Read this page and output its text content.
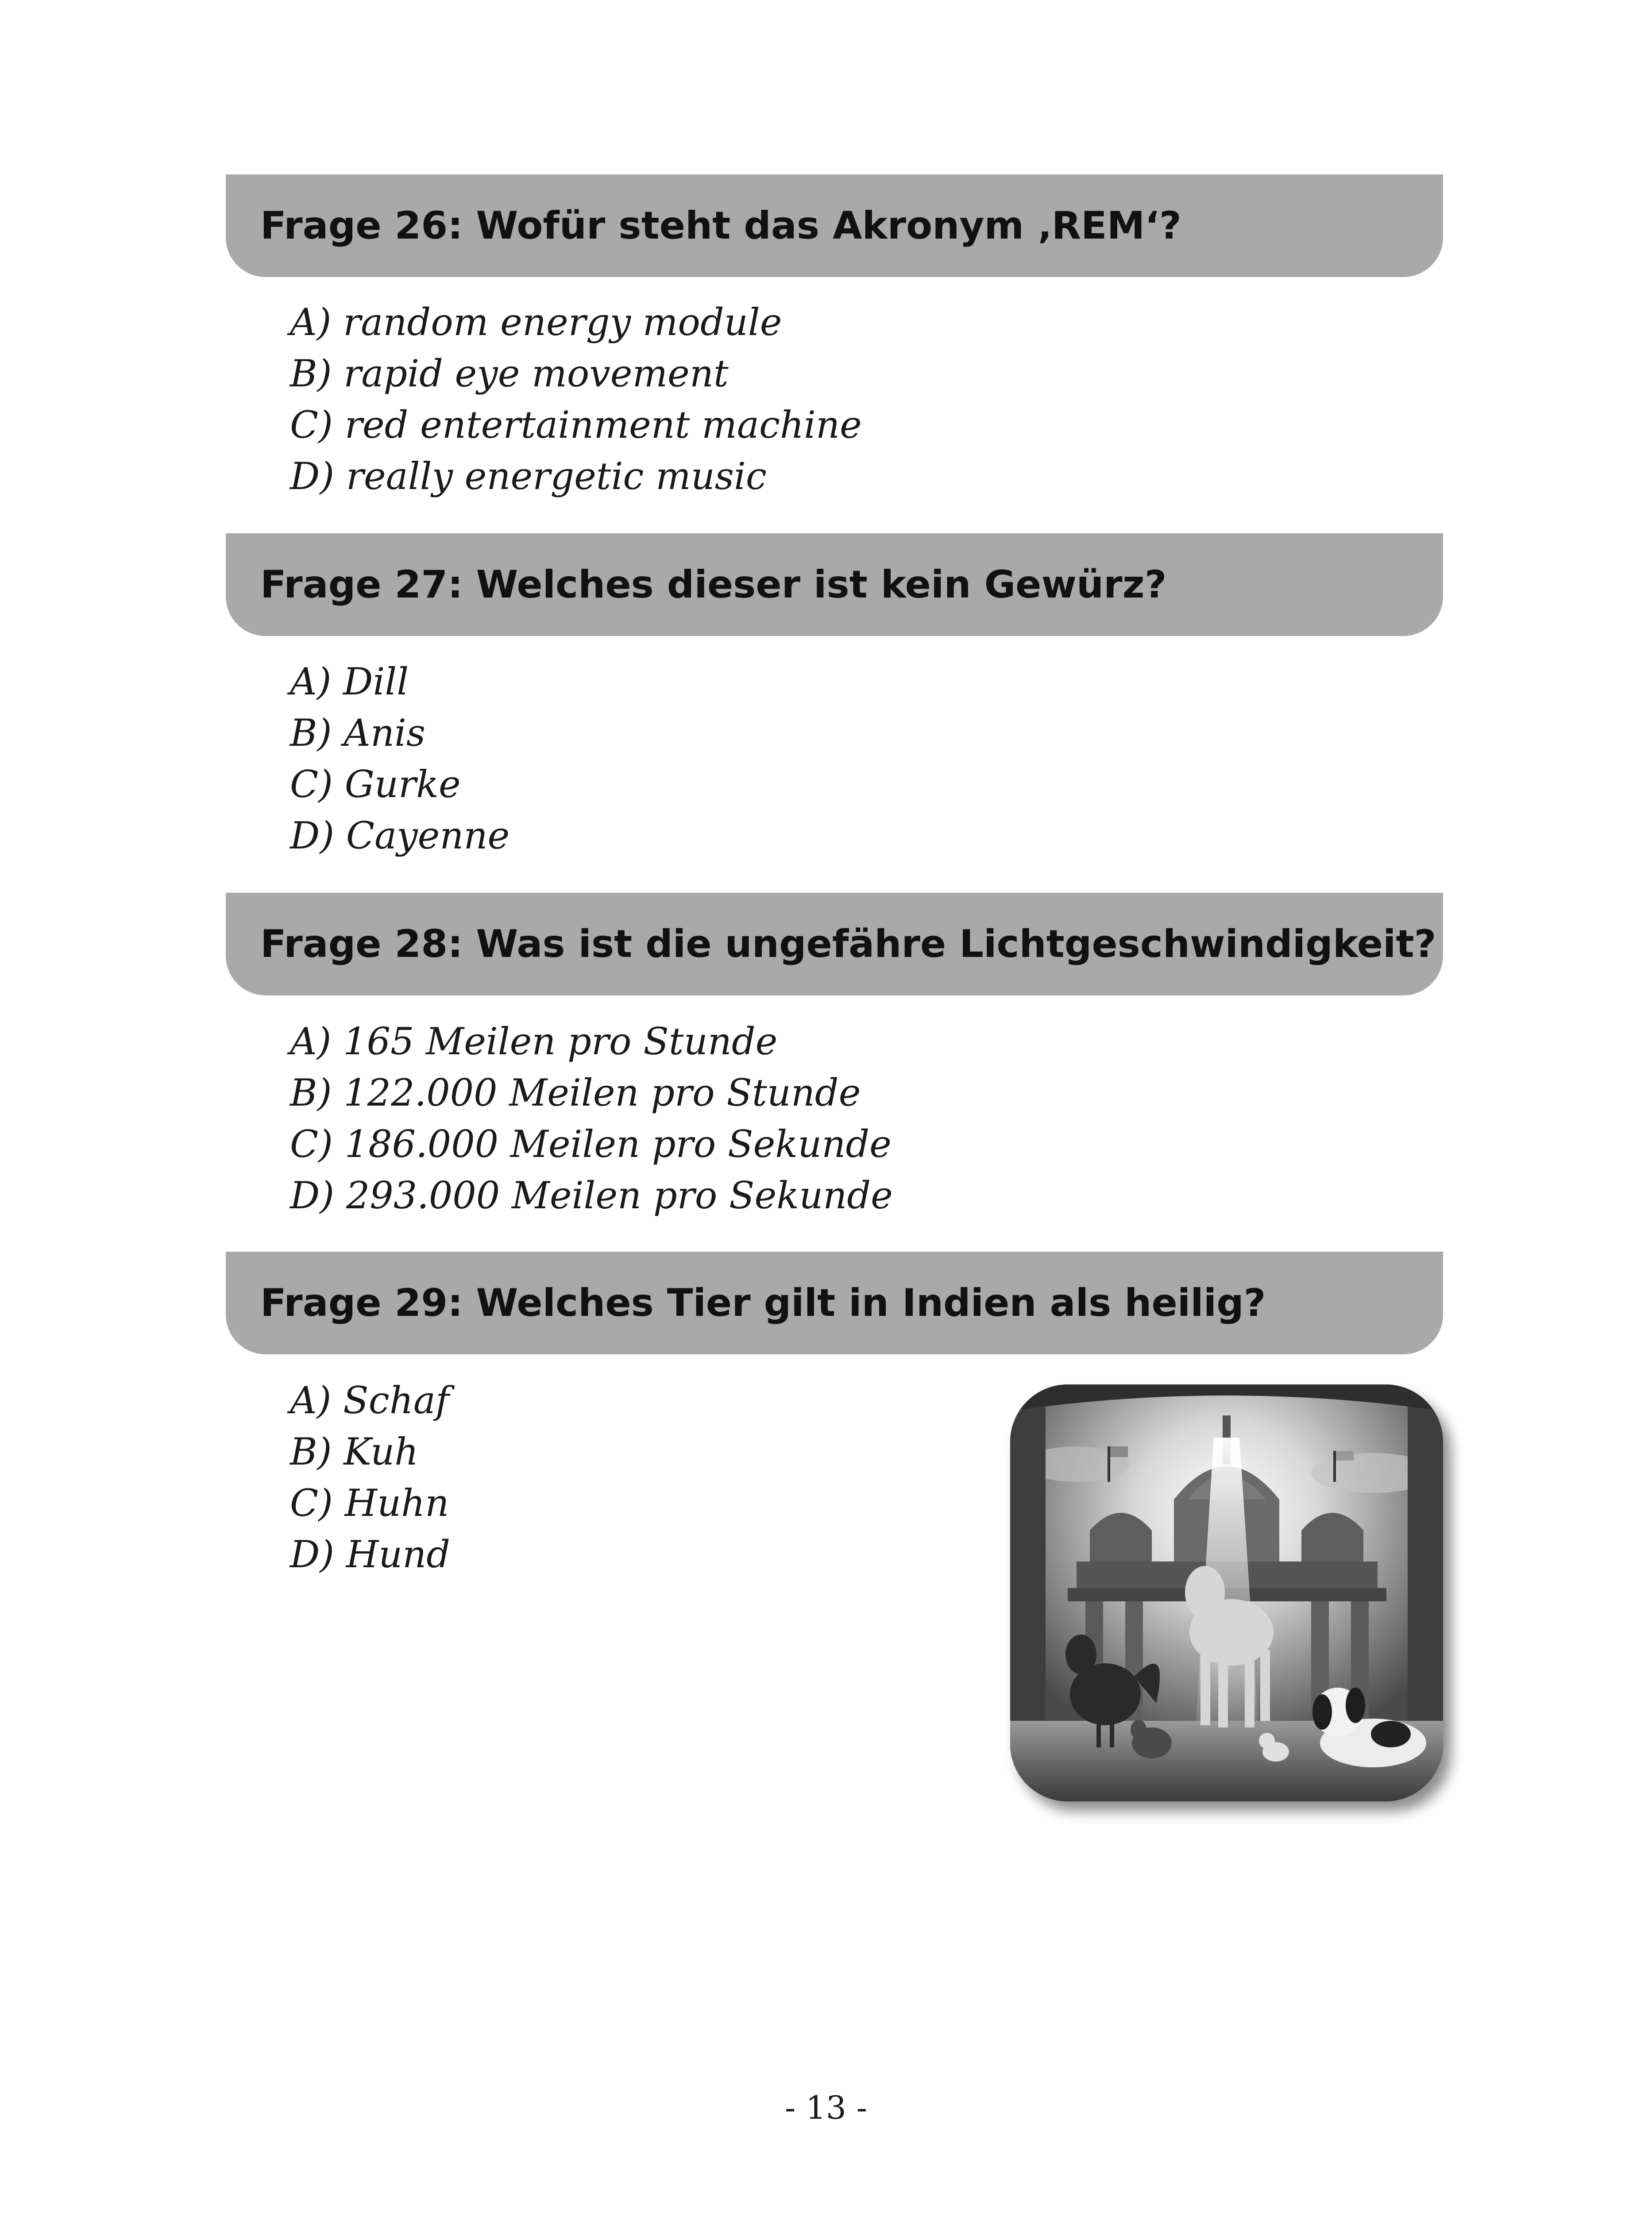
Frage 26: Wofür steht das Akronym ‚REM‘?
A) random energy module
B) rapid eye movement
C) red entertainment machine
D) really energetic music
Frage 27: Welches dieser ist kein Gewürz?
A) Dill
B) Anis
C) Gurke
D) Cayenne
Frage 28: Was ist die ungefähre Lichtgeschwindigkeit?
A) 165 Meilen pro Stunde
B) 122.000 Meilen pro Stunde
C) 186.000 Meilen pro Sekunde
D) 293.000 Meilen pro Sekunde
Frage 29: Welches Tier gilt in Indien als heilig?
A) Schaf
B) Kuh
C) Huhn
D) Hund
- 13 -
